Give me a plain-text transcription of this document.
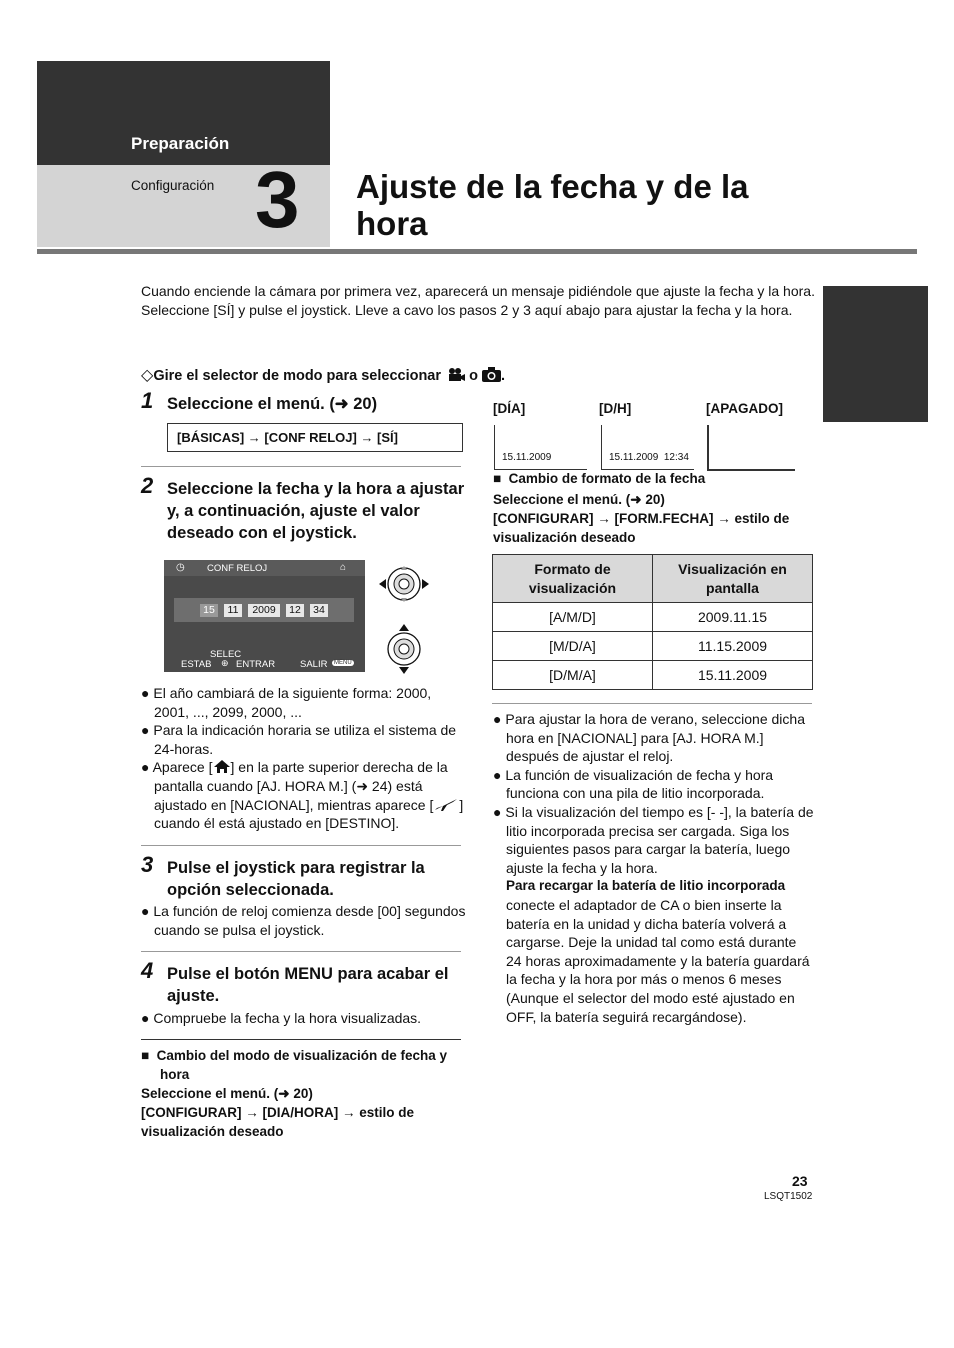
Preparación
Configuración 3 Ajuste de la fecha y de la hora

Cuando enciende la cámara por primera vez, aparecerá un mensaje pidiéndole que ajuste la fecha y la hora.

Seleccione [SÍ] y pulse el joystick. Lleve a cavo los pasos 2 y 3 aquí abajo para ajustar la fecha y la hora.

◇Gire el selector de modo para seleccionar o .
1 Seleccione el menú. (➜ 20)
[BÁSICAS] → [CONF RELOJ] → [SÍ]
2 Seleccione la fecha y la hora a ajustar y, a continuación, ajuste el valor deseado con el joystick.
◷ CONF RELOJ	⌂
15	11	2009	12	34
SELEC
ESTAB ⊕ ENTRAR	SALIR	MENU
● El año cambiará de la siguiente forma: 2000, 2001, ..., 2099, 2000, ...
● Para la indicación horaria se utiliza el sistema de 24-horas.
● Aparece [ ] en la parte superior derecha de la pantalla cuando [AJ. HORA M.] (➜ 24) está ajustado en [NACIONAL], mientras aparece [ ] cuando él está ajustado en [DESTINO].
3 Pulse el joystick para registrar la opción seleccionada.
● La función de reloj comienza desde [00] segundos cuando se pulsa el joystick.
4 Pulse el botón MENU para acabar el ajuste.
● Compruebe la fecha y la hora visualizadas.
■  Cambio del modo de visualización de fecha y hora
Seleccione el menú. (➜ 20)
[CONFIGURAR] → [DIA/HORA] → estilo de visualización deseado
[DÍA]	[D/H]	[APAGADO]
15.11.2009	15.11.2009  12:34
■  Cambio de formato de la fecha
Seleccione el menú. (➜ 20)
[CONFIGURAR] → [FORM.FECHA] → estilo de visualización deseado
Formato de visualización	Visualización en pantalla
[A/M/D]	2009.11.15
[M/D/A]	11.15.2009
[D/M/A]	15.11.2009
● Para ajustar la hora de verano, seleccione dicha hora en [NACIONAL] para [AJ. HORA M.] después de ajustar el reloj.
● La función de visualización de fecha y hora funciona con una pila de litio incorporada.
● Si la visualización del tiempo es [- -], la batería de litio incorporada precisa ser cargada. Siga los siguientes pasos para cargar la batería, luego ajuste la fecha y la hora.
Para recargar la batería de litio incorporada
conecte el adaptador de CA o bien inserte la batería en la unidad y dicha batería volverá a cargarse. Deje la unidad tal como está durante 24 horas aproximadamente y la batería guardará la fecha y la hora por más o menos 6 meses (Aunque el selector del modo esté ajustado en OFF, la batería seguirá recargándose).
23
LSQT1502
